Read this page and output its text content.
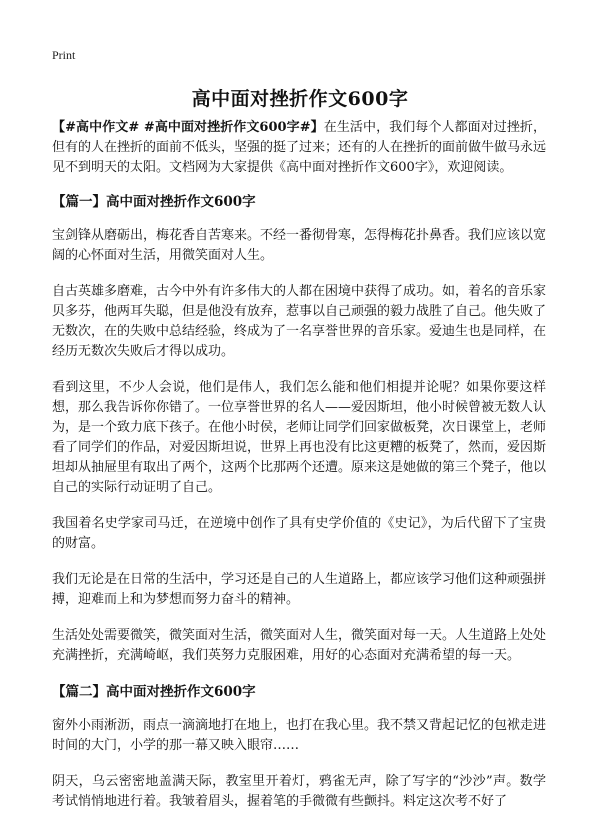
Print
高中面对挫折作文600字

【#高中作文# #高中面对挫折作文600字#】在生活中，我们每个人都面对过挫折，但有的人在挫折的面前不低头，坚强的挺了过来；还有的人在挫折的面前做牛做马永远见不到明天的太阳。文档网为大家提供《高中面对挫折作文600字》，欢迎阅读。

【篇一】高中面对挫折作文600字

宝剑锋从磨砺出，梅花香自苦寒来。不经一番彻骨寒，怎得梅花扑鼻香。我们应该以宽阔的心怀面对生活，用微笑面对人生。

自古英雄多磨难，古今中外有许多伟大的人都在困境中获得了成功。如，着名的音乐家贝多芬，他两耳失聪，但是他没有放弃，惹事以自己顽强的毅力战胜了自己。他失败了无数次，在的失败中总结经验，终成为了一名享誉世界的音乐家。爱迪生也是同样，在经历无数次失败后才得以成功。

看到这里，不少人会说，他们是伟人，我们怎么能和他们相提并论呢？如果你要这样想，那么我告诉你你错了。一位享誉世界的名人——爱因斯坦，他小时候曾被无数人认为，是一个致力底下孩子。在他小时侯，老师让同学们回家做板凳，次日课堂上，老师看了同学们的作品，对爱因斯坦说，世界上再也没有比这更糟的板凳了，然而，爱因斯坦却从抽屉里有取出了两个，这两个比那两个还遭。原来这是她做的第三个凳子，他以自己的实际行动证明了自己。

我国着名史学家司马迁，在逆境中创作了具有史学价值的《史记》，为后代留下了宝贵的财富。

我们无论是在日常的生活中，学习还是自己的人生道路上，都应该学习他们这种顽强拼搏，迎难而上和为梦想而努力奋斗的精神。

生活处处需要微笑，微笑面对生活，微笑面对人生，微笑面对每一天。人生道路上处处充满挫折，充满崎岖，我们英努力克服困难，用好的心态面对充满希望的每一天。

【篇二】高中面对挫折作文600字

窗外小雨淅沥，雨点一滴滴地打在地上，也打在我心里。我不禁又背起记忆的包袱走进时间的大门，小学的那一幕又映入眼帘……

阴天，乌云密密地盖满天际，教室里开着灯，鸦雀无声，除了写字的“沙沙”声。数学考试悄悄地进行着。我皱着眉头，握着笔的手微微有些颤抖。料定这次考不好了
